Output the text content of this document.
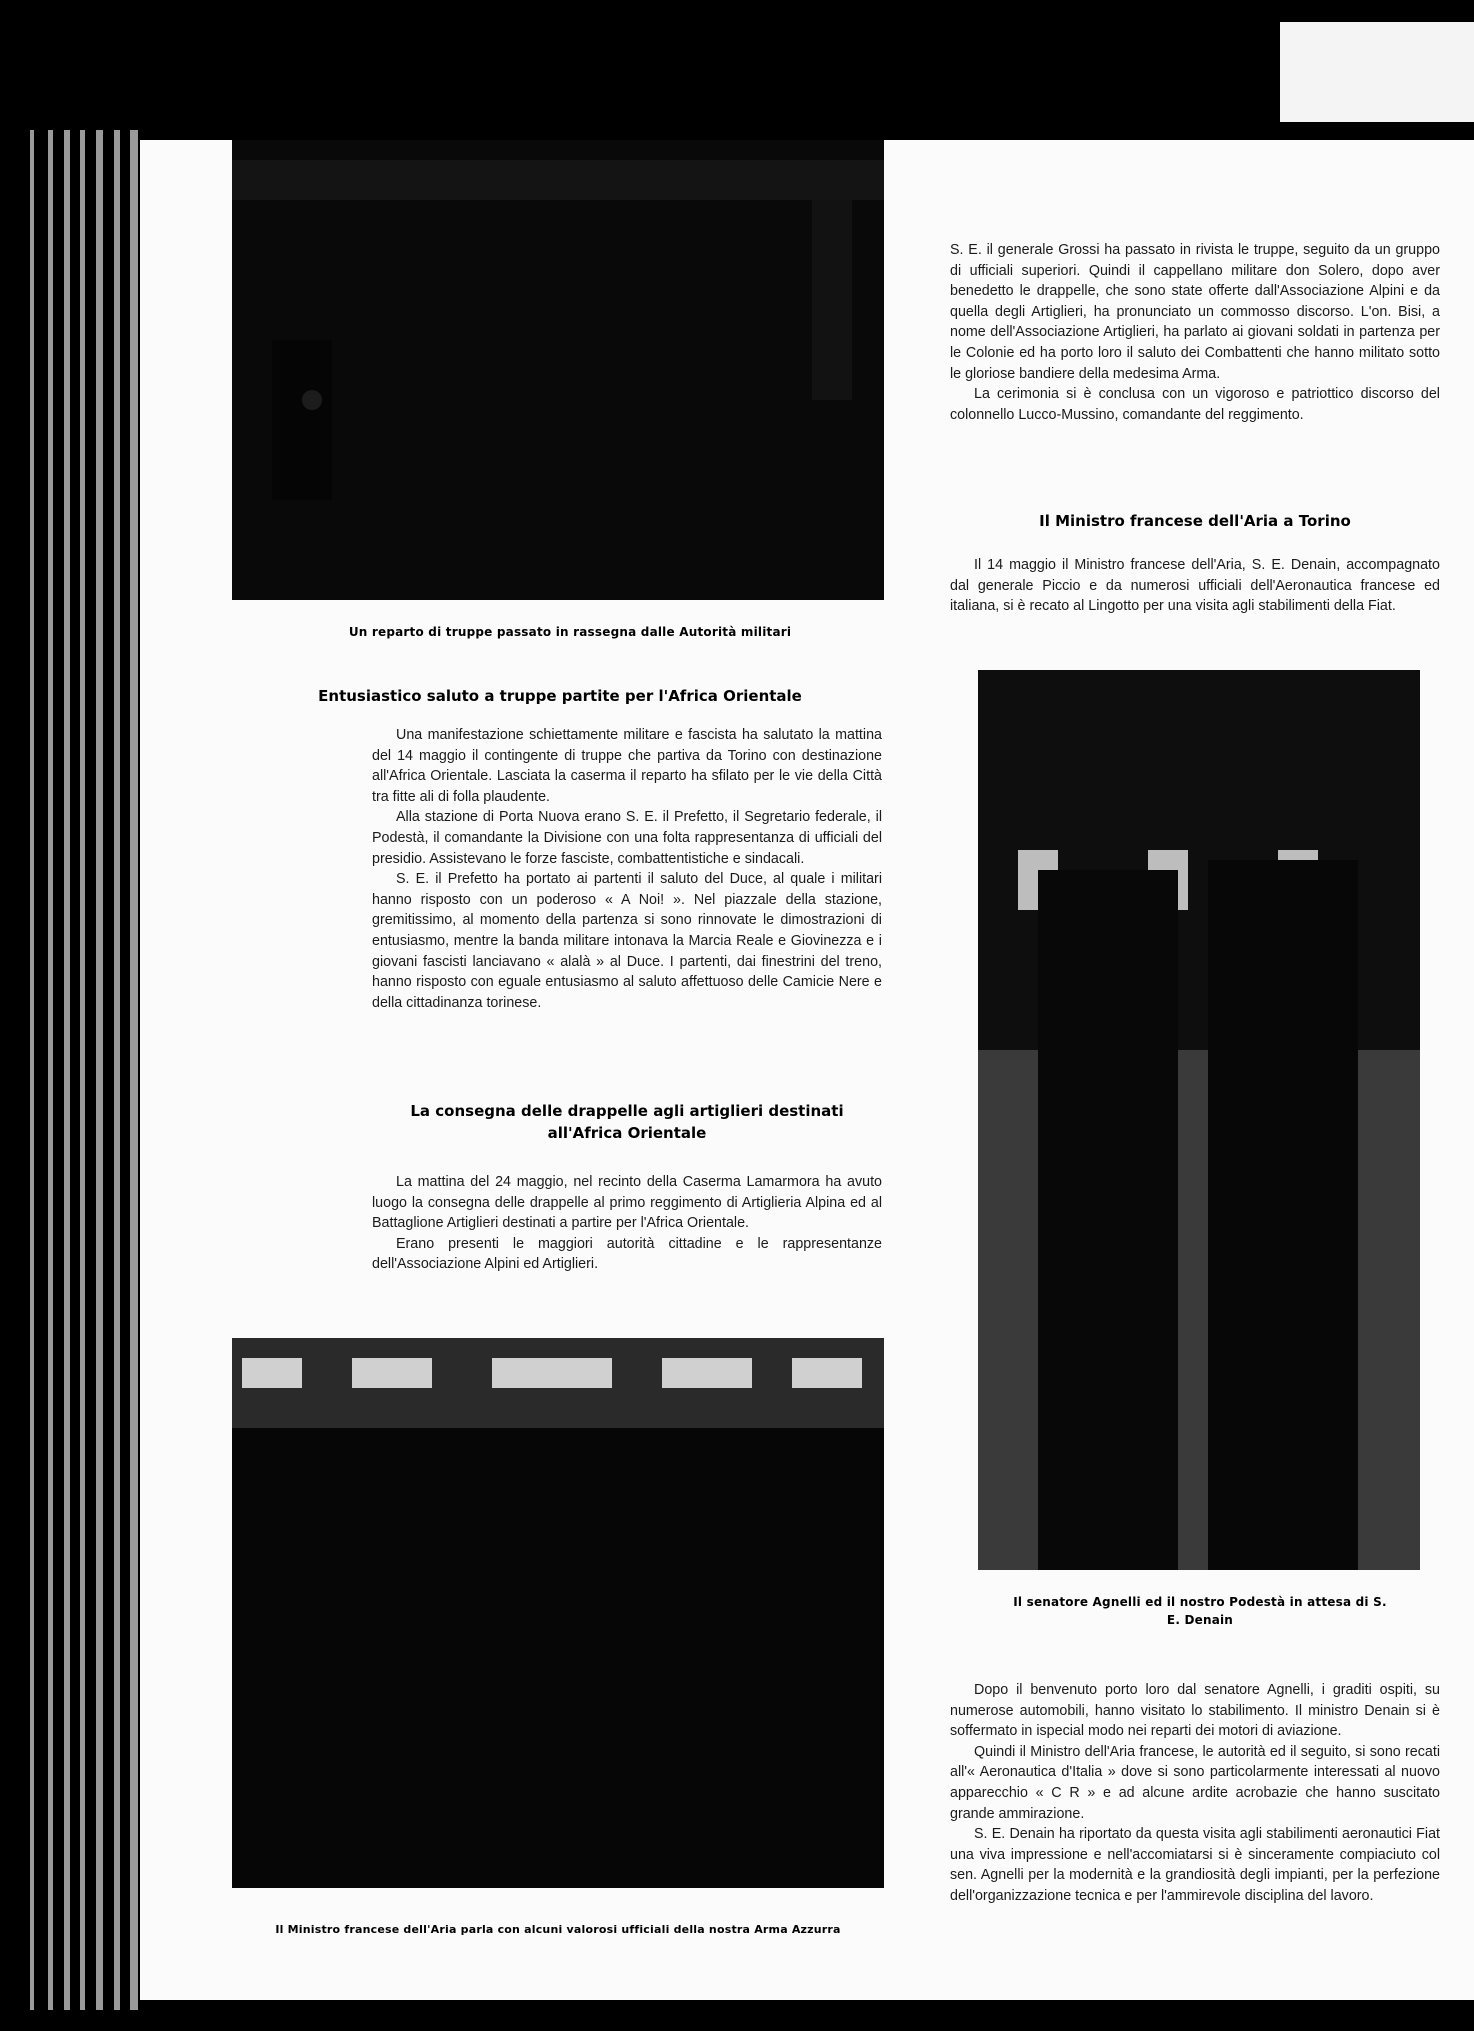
Un reparto di truppe passato in rassegna dalle Autorità militari

S. E. il generale Grossi ha passato in rivista le truppe, seguito da un gruppo di ufficiali superiori. Quindi il cappellano militare don Solero, dopo aver benedetto le drappelle, che sono state offerte dall'Associazione Alpini e da quella degli Artiglieri, ha pronunciato un commosso discorso. L'on. Bisi, a nome dell'Associazione Artiglieri, ha parlato ai giovani soldati in partenza per le Colonie ed ha porto loro il saluto dei Combattenti che hanno militato sotto le gloriose bandiere della medesima Arma.

La cerimonia si è conclusa con un vigoroso e patriottico discorso del colonnello Lucco-Mussino, comandante del reggimento.

Il Ministro francese dell'Aria a Torino

Il 14 maggio il Ministro francese dell'Aria, S. E. Denain, accompagnato dal generale Piccio e da numerosi ufficiali dell'Aeronautica francese ed italiana, si è recato al Lingotto per una visita agli stabilimenti della Fiat.

Il senatore Agnelli ed il nostro Podestà in attesa di S. E. Denain

Dopo il benvenuto porto loro dal senatore Agnelli, i graditi ospiti, su numerose automobili, hanno visitato lo stabilimento. Il ministro Denain si è soffermato in ispecial modo nei reparti dei motori di aviazione.

Quindi il Ministro dell'Aria francese, le autorità ed il seguito, si sono recati all'« Aeronautica d'Italia » dove si sono particolarmente interessati al nuovo apparecchio « C R » e ad alcune ardite acrobazie che hanno suscitato grande ammirazione.

S. E. Denain ha riportato da questa visita agli stabilimenti aeronautici Fiat una viva impressione e nell'accomiatarsi si è sinceramente compiaciuto col sen. Agnelli per la modernità e la grandiosità degli impianti, per la perfezione dell'organizzazione tecnica e per l'ammirevole disciplina del lavoro.

Entusiastico saluto a truppe partite per l'Africa Orientale

Una manifestazione schiettamente militare e fascista ha salutato la mattina del 14 maggio il contingente di truppe che partiva da Torino con destinazione all'Africa Orientale. Lasciata la caserma il reparto ha sfilato per le vie della Città tra fitte ali di folla plaudente.

Alla stazione di Porta Nuova erano S. E. il Prefetto, il Segretario federale, il Podestà, il comandante la Divisione con una folta rappresentanza di ufficiali del presidio. Assistevano le forze fasciste, combattentistiche e sindacali.

S. E. il Prefetto ha portato ai partenti il saluto del Duce, al quale i militari hanno risposto con un poderoso « A Noi! ». Nel piazzale della stazione, gremitissimo, al momento della partenza si sono rinnovate le dimostrazioni di entusiasmo, mentre la banda militare intonava la Marcia Reale e Giovinezza e i giovani fascisti lanciavano « alalà » al Duce. I partenti, dai finestrini del treno, hanno risposto con eguale entusiasmo al saluto affettuoso delle Camicie Nere e della cittadinanza torinese.

La consegna delle drappelle agli artiglieri destinati
all'Africa Orientale

La mattina del 24 maggio, nel recinto della Caserma Lamarmora ha avuto luogo la consegna delle drappelle al primo reggimento di Artiglieria Alpina ed al Battaglione Artiglieri destinati a partire per l'Africa Orientale.

Erano presenti le maggiori autorità cittadine e le rappresentanze dell'Associazione Alpini ed Artiglieri.

Il Ministro francese dell'Aria parla con alcuni valorosi ufficiali della nostra Arma Azzurra
